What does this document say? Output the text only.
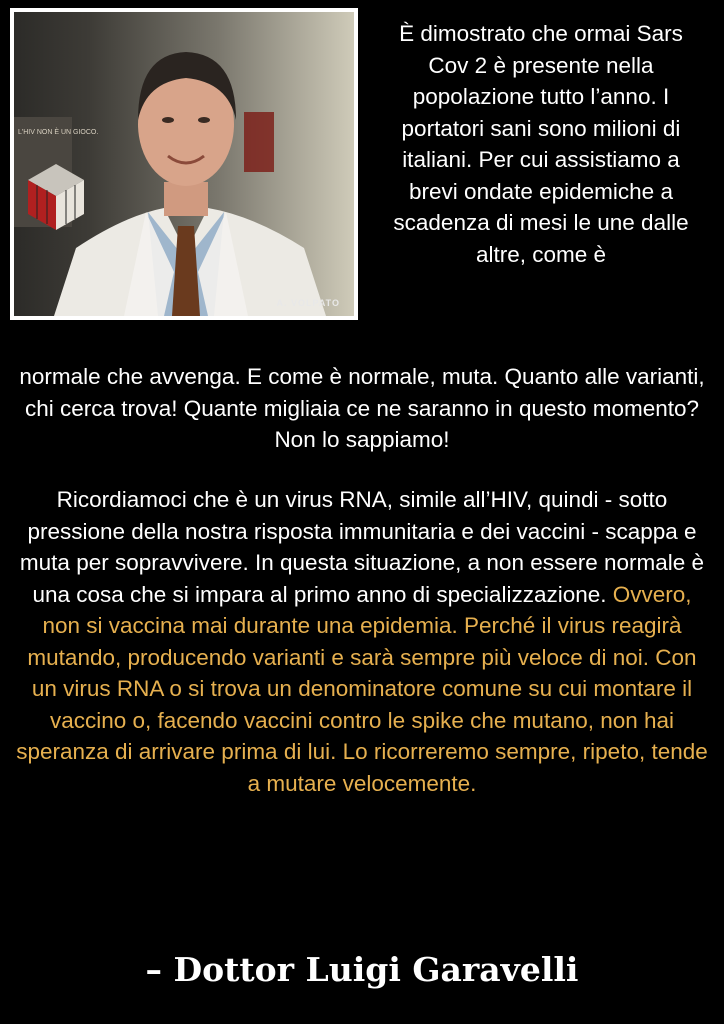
L'HIV NON È UN GIOCO.
A. VOLPATO

È dimostrato che ormai Sars Cov 2 è presente nella popolazione tutto l’anno. I portatori sani sono milioni di italiani. Per cui assistiamo a brevi ondate epidemiche a scadenza di mesi le une dalle altre, come è

normale che avvenga. E come è normale, muta. Quanto alle varianti, chi cerca trova! Quante migliaia ce ne saranno in questo momento? Non lo sappiamo!

Ricordiamoci che è un virus RNA, simile all’HIV, quindi - sotto pressione della nostra risposta immunitaria e dei vaccini - scappa e muta per sopravvivere. In questa situazione, a non essere normale è una cosa che si impara al primo anno di specializzazione. Ovvero, non si vaccina mai durante una epidemia. Perché il virus reagirà mutando, producendo varianti e sarà sempre più veloce di noi. Con un virus RNA o si trova un denominatore comune su cui montare il vaccino o, facendo vaccini contro le spike che mutano, non hai speranza di arrivare prima di lui. Lo ricorreremo sempre, ripeto, tende a mutare velocemente.

– Dottor Luigi Garavelli
